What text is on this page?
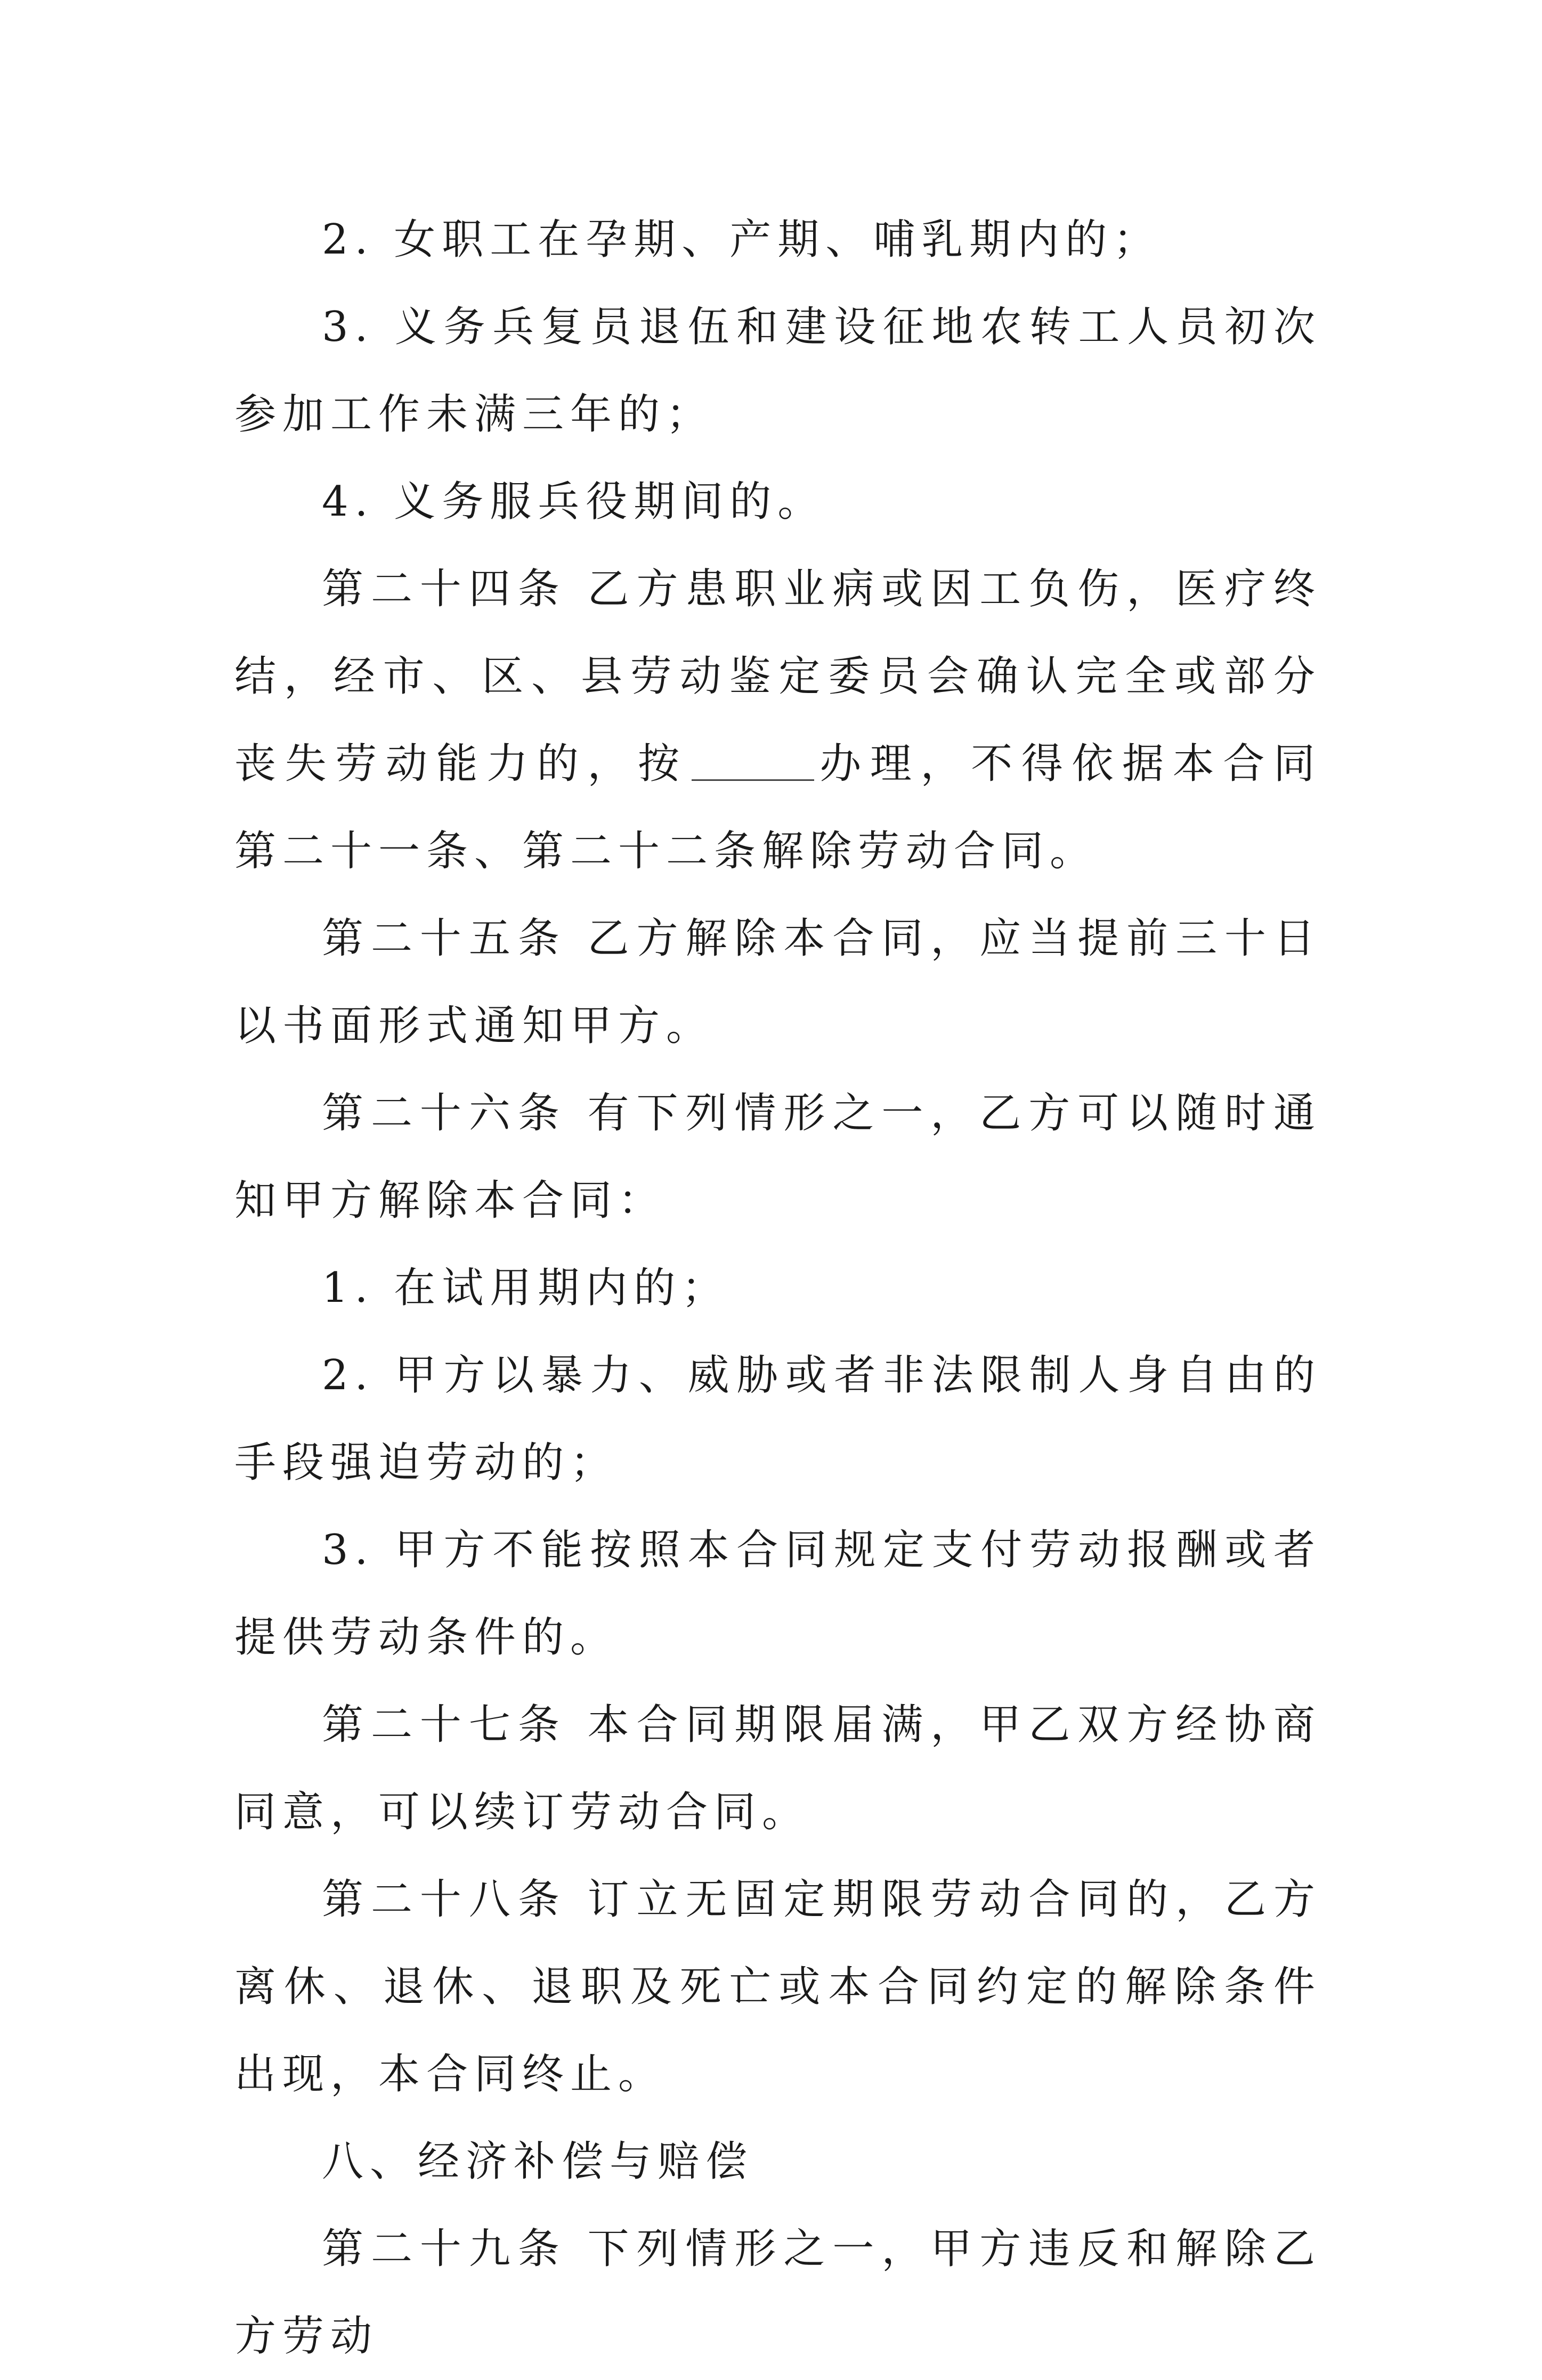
2. 女职工在孕期、产期、哺乳期内的；

3. 义务兵复员退伍和建设征地农转工人员初次参加工作未满三年的；

4. 义务服兵役期间的。

第二十四条 乙方患职业病或因工负伤，医疗终结，经市、区、县劳动鉴定委员会确认完全或部分丧失劳动能力的，按	办理，不得依据本合同第二十一条、第二十二条解除劳动合同。

第二十五条 乙方解除本合同，应当提前三十日以书面形式通知甲方。

第二十六条 有下列情形之一，乙方可以随时通知甲方解除本合同：

1. 在试用期内的；

2. 甲方以暴力、威胁或者非法限制人身自由的手段强迫劳动的；

3. 甲方不能按照本合同规定支付劳动报酬或者提供劳动条件的。

第二十七条 本合同期限届满，甲乙双方经协商同意，可以续订劳动合同。

第二十八条 订立无固定期限劳动合同的，乙方离休、退休、退职及死亡或本合同约定的解除条件出现，本合同终止。

八、经济补偿与赔偿

第二十九条 下列情形之一，甲方违反和解除乙方劳动
